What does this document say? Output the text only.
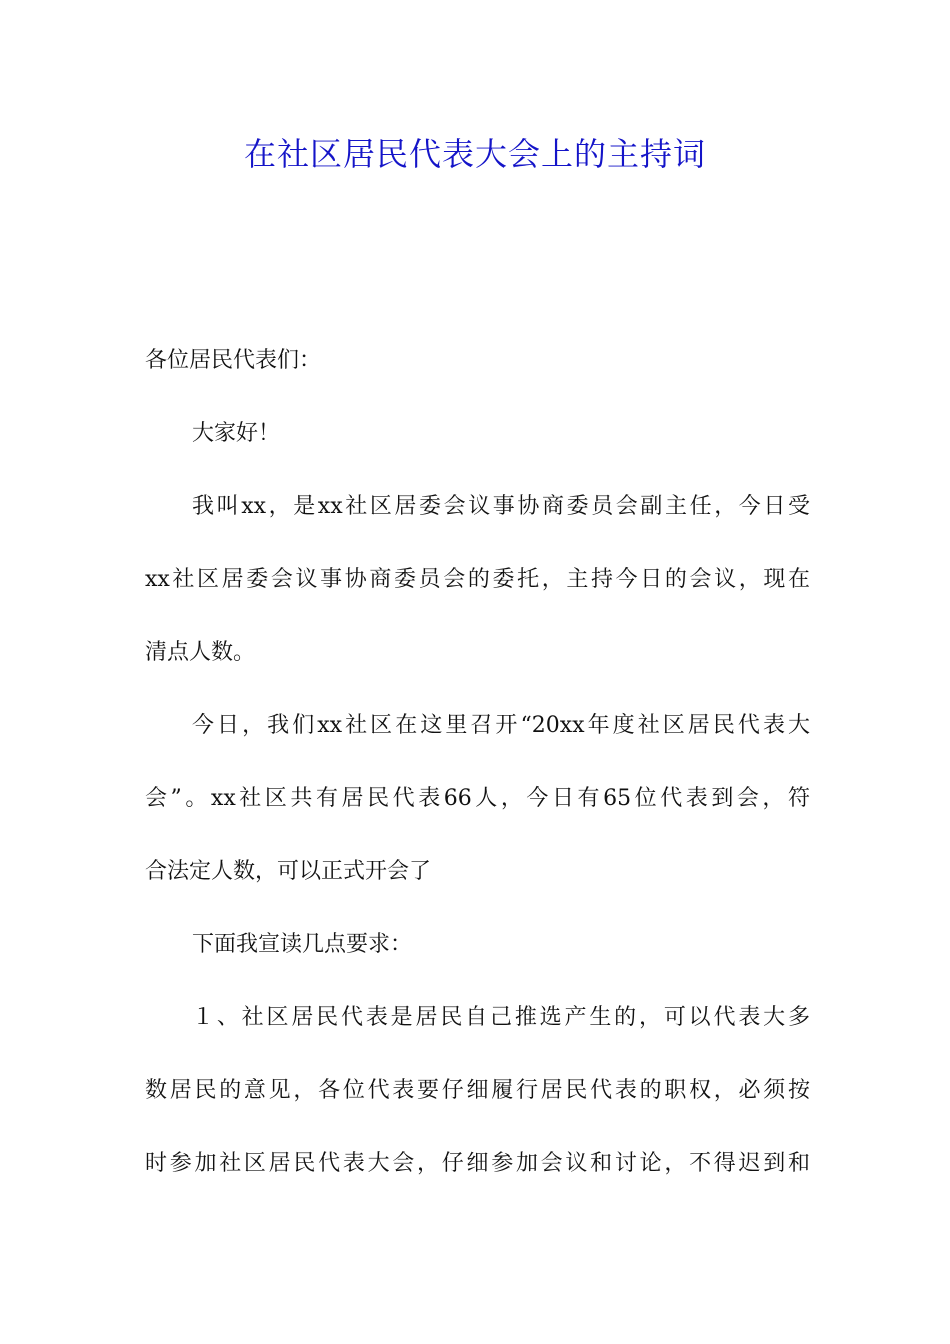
在社区居民代表大会上的主持词
各位居民代表们：
大家好！
我叫xx，是xx社区居委会议事协商委员会副主任，今日受
xx社区居委会议事协商委员会的委托，主持今日的会议，现在
清点人数。
今日，我们xx社区在这里召开“20xx年度社区居民代表大
会”。xx社区共有居民代表66人，今日有65位代表到会，符
合法定人数，可以正式开会了
下面我宣读几点要求：
１、社区居民代表是居民自己推选产生的，可以代表大多
数居民的意见，各位代表要仔细履行居民代表的职权，必须按
时参加社区居民代表大会，仔细参加会议和讨论，不得迟到和
